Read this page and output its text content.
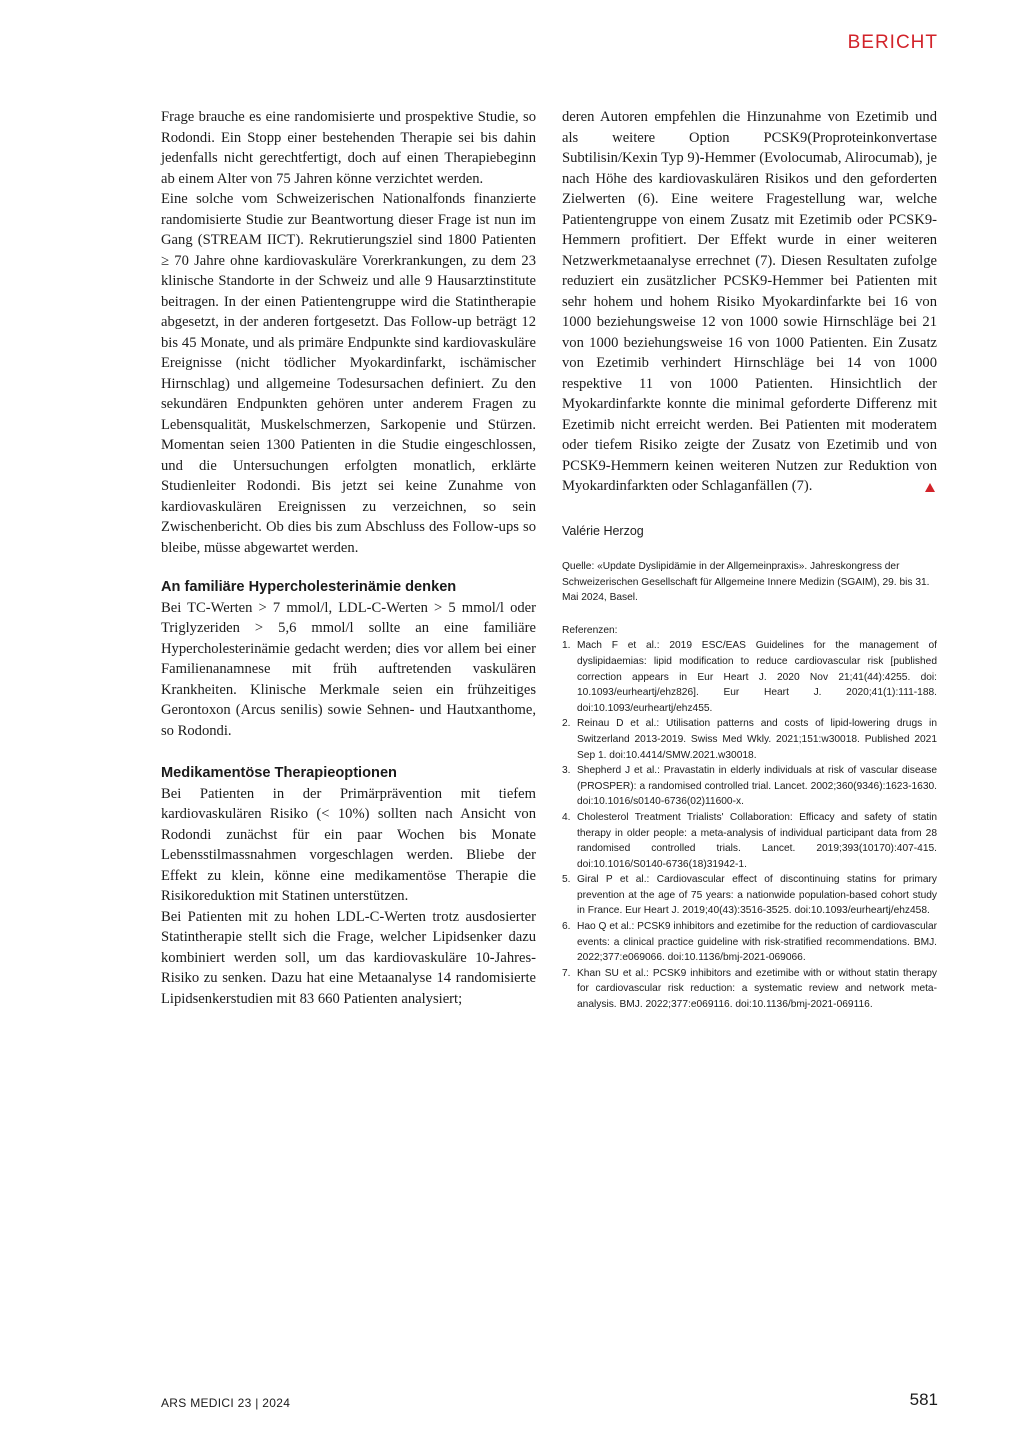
BERICHT

Frage brauche es eine randomisierte und prospektive Studie, so Rodondi. Ein Stopp einer bestehenden Therapie sei bis dahin jedenfalls nicht gerechtfertigt, doch auf einen Therapiebeginn ab einem Alter von 75 Jahren könne verzichtet werden.

Eine solche vom Schweizerischen Nationalfonds finanzierte randomisierte Studie zur Beantwortung dieser Frage ist nun im Gang (STREAM IICT). Rekrutierungsziel sind 1800 Patienten ≥ 70 Jahre ohne kardiovaskuläre Vorerkrankungen, zu dem 23 klinische Standorte in der Schweiz und alle 9 Hausarztinstitute beitragen. In der einen Patientengruppe wird die Statintherapie abgesetzt, in der anderen fortgesetzt. Das Follow-up beträgt 12 bis 45 Monate, und als primäre Endpunkte sind kardiovaskuläre Ereignisse (nicht tödlicher Myokardinfarkt, ischämischer Hirnschlag) und allgemeine Todesursachen definiert. Zu den sekundären Endpunkten gehören unter anderem Fragen zu Lebensqualität, Muskelschmerzen, Sarkopenie und Stürzen. Momentan seien 1300 Patienten in die Studie eingeschlossen, und die Untersuchungen erfolgten monatlich, erklärte Studienleiter Rodondi. Bis jetzt sei keine Zunahme von kardiovaskulären Ereignissen zu verzeichnen, so sein Zwischenbericht. Ob dies bis zum Abschluss des Follow-ups so bleibe, müsse abgewartet werden.

An familiäre Hypercholesterinämie denken

Bei TC-Werten > 7 mmol/l, LDL-C-Werten > 5 mmol/l oder Triglyzeriden > 5,6 mmol/l sollte an eine familiäre Hypercholesterinämie gedacht werden; dies vor allem bei einer Familienanamnese mit früh auftretenden vaskulären Krankheiten. Klinische Merkmale seien ein frühzeitiges Gerontoxon (Arcus senilis) sowie Sehnen- und Hautxanthome, so Rodondi.

Medikamentöse Therapieoptionen

Bei Patienten in der Primärprävention mit tiefem kardiovaskulären Risiko (< 10%) sollten nach Ansicht von Rodondi zunächst für ein paar Wochen bis Monate Lebensstilmassnahmen vorgeschlagen werden. Bliebe der Effekt zu klein, könne eine medikamentöse Therapie die Risikoreduktion mit Statinen unterstützen.

Bei Patienten mit zu hohen LDL-C-Werten trotz ausdosierter Statintherapie stellt sich die Frage, welcher Lipidsenker dazu kombiniert werden soll, um das kardiovaskuläre 10-Jahres-Risiko zu senken. Dazu hat eine Metaanalyse 14 randomisierte Lipidsenkerstudien mit 83 660 Patienten analysiert;

deren Autoren empfehlen die Hinzunahme von Ezetimib und als weitere Option PCSK9(Proproteinkonvertase Subtilisin/Kexin Typ 9)-Hemmer (Evolocumab, Alirocumab), je nach Höhe des kardiovaskulären Risikos und den geforderten Zielwerten (6). Eine weitere Fragestellung war, welche Patientengruppe von einem Zusatz mit Ezetimib oder PCSK9-Hemmern profitiert. Der Effekt wurde in einer weiteren Netzwerkmetaanalyse errechnet (7). Diesen Resultaten zufolge reduziert ein zusätzlicher PCSK9-Hemmer bei Patienten mit sehr hohem und hohem Risiko Myokardinfarkte bei 16 von 1000 beziehungsweise 12 von 1000 sowie Hirnschläge bei 21 von 1000 beziehungsweise 16 von 1000 Patienten. Ein Zusatz von Ezetimib verhindert Hirnschläge bei 14 von 1000 respektive 11 von 1000 Patienten. Hinsichtlich der Myokardinfarkte konnte die minimal geforderte Differenz mit Ezetimib nicht erreicht werden. Bei Patienten mit moderatem oder tiefem Risiko zeigte der Zusatz von Ezetimib und von PCSK9-Hemmern keinen weiteren Nutzen zur Reduktion von Myokardinfarkten oder Schlaganfällen (7).

Valérie Herzog

Quelle: «Update Dyslipidämie in der Allgemeinpraxis». Jahreskongress der Schweizerischen Gesellschaft für Allgemeine Innere Medizin (SGAIM), 29. bis 31. Mai 2024, Basel.

Referenzen:

1. Mach F et al.: 2019 ESC/EAS Guidelines for the management of dyslipidaemias: lipid modification to reduce cardiovascular risk [published correction appears in Eur Heart J. 2020 Nov 21;41(44):4255. doi: 10.1093/eurheartj/ehz826]. Eur Heart J. 2020;41(1):111-188. doi:10.1093/eurheartj/ehz455.
2. Reinau D et al.: Utilisation patterns and costs of lipid-lowering drugs in Switzerland 2013-2019. Swiss Med Wkly. 2021;151:w30018. Published 2021 Sep 1. doi:10.4414/SMW.2021.w30018.
3. Shepherd J et al.: Pravastatin in elderly individuals at risk of vascular disease (PROSPER): a randomised controlled trial. Lancet. 2002;360(9346):1623-1630. doi:10.1016/s0140-6736(02)11600-x.
4. Cholesterol Treatment Trialists' Collaboration: Efficacy and safety of statin therapy in older people: a meta-analysis of individual participant data from 28 randomised controlled trials. Lancet. 2019;393(10170):407-415. doi:10.1016/S0140-6736(18)31942-1.
5. Giral P et al.: Cardiovascular effect of discontinuing statins for primary prevention at the age of 75 years: a nationwide population-based cohort study in France. Eur Heart J. 2019;40(43):3516-3525. doi:10.1093/eurheartj/ehz458.
6. Hao Q et al.: PCSK9 inhibitors and ezetimibe for the reduction of cardiovascular events: a clinical practice guideline with risk-stratified recommendations. BMJ. 2022;377:e069066. doi:10.1136/bmj-2021-069066.
7. Khan SU et al.: PCSK9 inhibitors and ezetimibe with or without statin therapy for cardiovascular risk reduction: a systematic review and network meta-analysis. BMJ. 2022;377:e069116. doi:10.1136/bmj-2021-069116.
ARS MEDICI 23 | 2024	581
